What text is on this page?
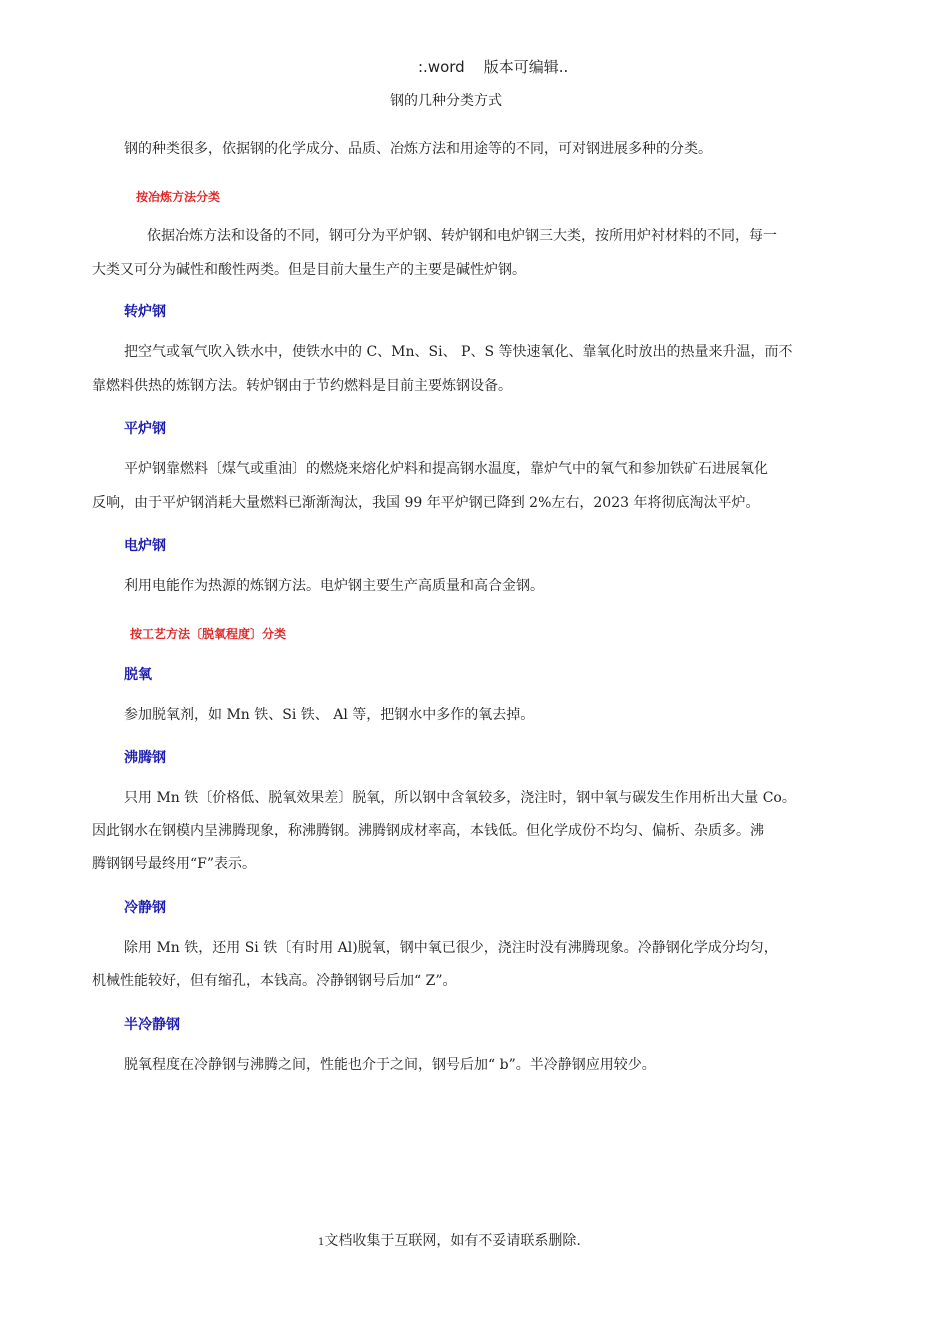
:.word 版本可编辑..
钢的几种分类方式
钢的种类很多，依据钢的化学成分、品质、冶炼方法和用途等的不同，可对钢进展多种的分类。
按冶炼方法分类
依据冶炼方法和设备的不同，钢可分为平炉钢、转炉钢和电炉钢三大类，按所用炉衬材料的不同，每一
大类又可分为碱性和酸性两类。但是目前大量生产的主要是碱性炉钢。
转炉钢
把空气或氧气吹入铁水中，使铁水中的 C、Mn、Si、 P、S 等快速氧化、靠氧化时放出的热量来升温，而不
靠燃料供热的炼钢方法。转炉钢由于节约燃料是目前主要炼钢设备。
平炉钢
平炉钢靠燃料〔煤气或重油〕的燃烧来熔化炉料和提高钢水温度，靠炉气中的氧气和参加铁矿石进展氧化
反响，由于平炉钢消耗大量燃料已渐渐淘汰，我国 99 年平炉钢已降到 2%左右，2023 年将彻底淘汰平炉。
电炉钢
利用电能作为热源的炼钢方法。电炉钢主要生产高质量和高合金钢。
按工艺方法〔脱氧程度〕分类
脱氧
参加脱氧剂，如 Mn 铁、Si 铁、 Al 等，把钢水中多作的氧去掉。
沸腾钢
只用 Mn 铁〔价格低、脱氧效果差〕脱氧，所以钢中含氧较多，浇注时，钢中氧与碳发生作用析出大量 Co。
因此钢水在钢模内呈沸腾现象，称沸腾钢。沸腾钢成材率高，本钱低。但化学成份不均匀、偏析、杂质多。沸
腾钢钢号最终用“F”表示。
冷静钢
除用 Mn 铁，还用 Si 铁〔有时用 Al)脱氧，钢中氧已很少，浇注时没有沸腾现象。冷静钢化学成分均匀，
机械性能较好，但有缩孔，本钱高。冷静钢钢号后加“ Z”。
半冷静钢
脱氧程度在冷静钢与沸腾之间，性能也介于之间，钢号后加“ b”。半冷静钢应用较少。
1文档收集于互联网，如有不妥请联系删除.
